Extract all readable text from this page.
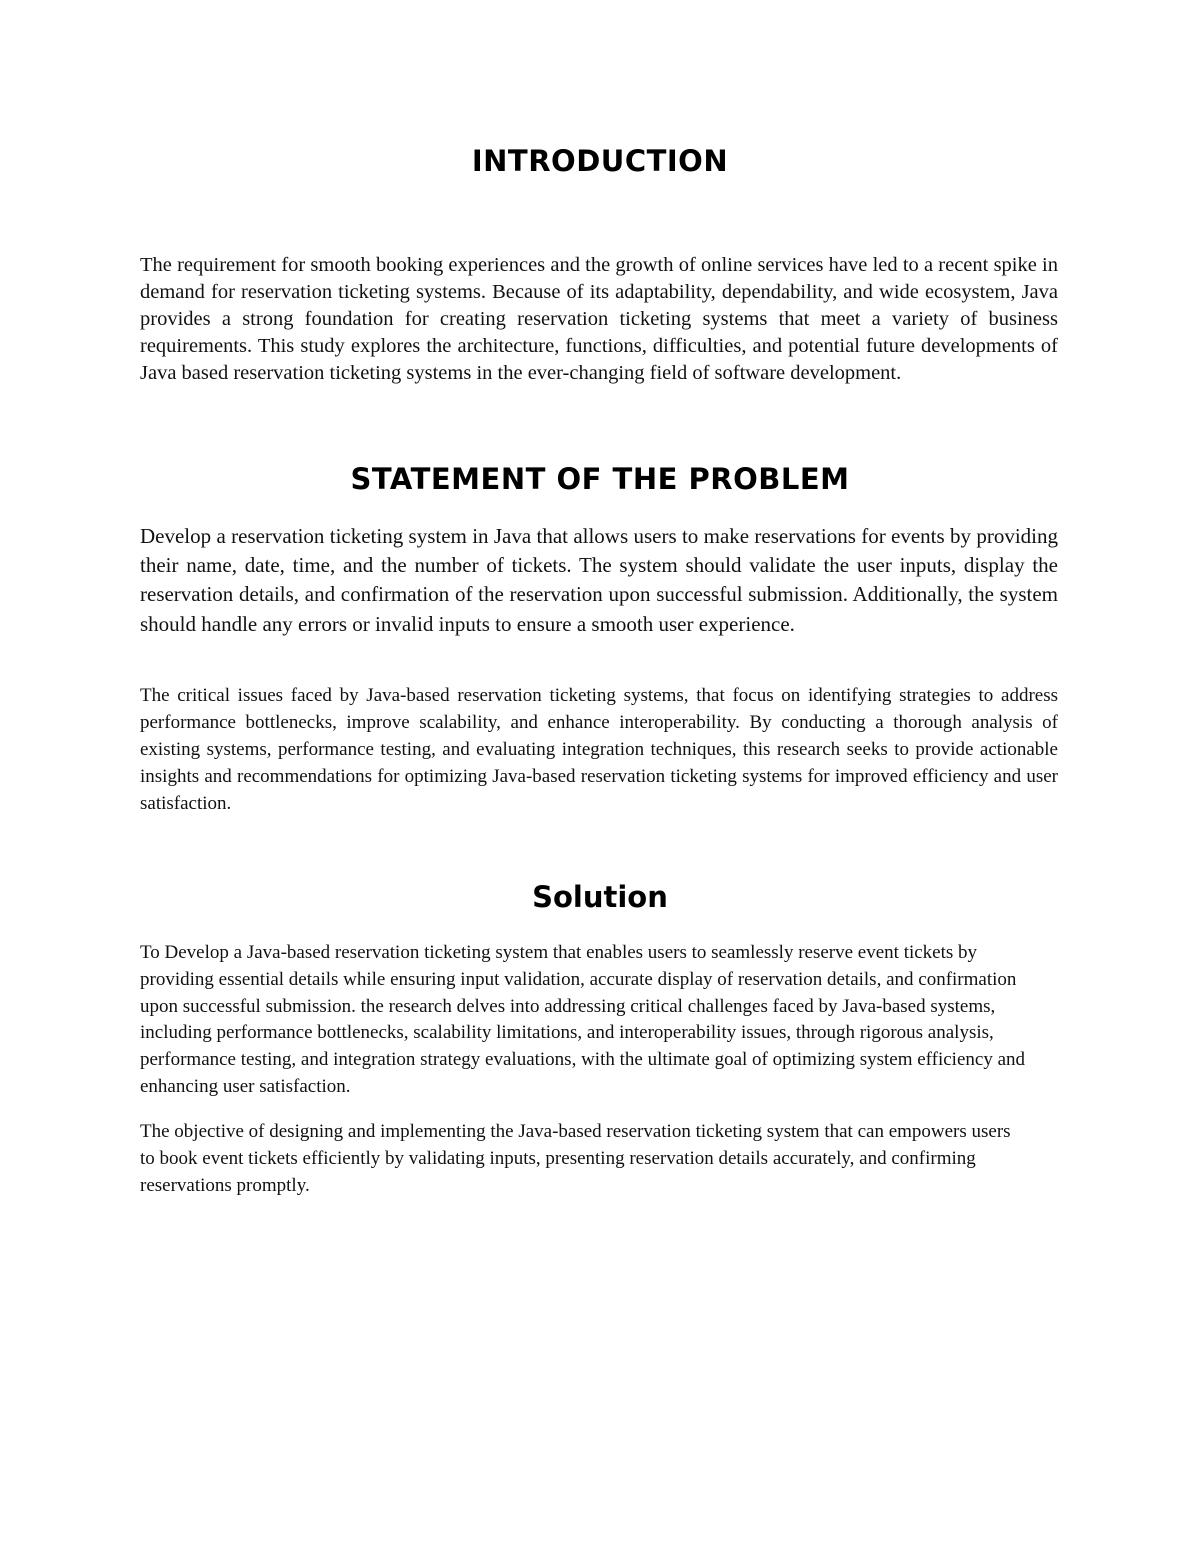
INTRODUCTION

The requirement for smooth booking experiences and the growth of online services have led to a recent spike in demand for reservation ticketing systems. Because of its adaptability, dependability, and wide ecosystem, Java provides a strong foundation for creating reservation ticketing systems that meet a variety of business requirements. This study explores the architecture, functions, difficulties, and potential future developments of Java based reservation ticketing systems in the ever-changing field of software development.

STATEMENT OF THE PROBLEM

Develop a reservation ticketing system in Java that allows users to make reservations for events by providing their name, date, time, and the number of tickets. The system should validate the user inputs, display the reservation details, and confirmation of the reservation upon successful submission. Additionally, the system should handle any errors or invalid inputs to ensure a smooth user experience.

The critical issues faced by Java-based reservation ticketing systems, that focus on identifying strategies to address performance bottlenecks, improve scalability, and enhance interoperability. By conducting a thorough analysis of existing systems, performance testing, and evaluating integration techniques, this research seeks to provide actionable insights and recommendations for optimizing Java-based reservation ticketing systems for improved efficiency and user satisfaction.

Solution

To Develop a Java-based reservation ticketing system that enables users to seamlessly reserve event tickets by providing essential details while ensuring input validation, accurate display of reservation details, and confirmation upon successful submission. the research delves into addressing critical challenges faced by Java-based systems, including performance bottlenecks, scalability limitations, and interoperability issues, through rigorous analysis, performance testing, and integration strategy evaluations, with the ultimate goal of optimizing system efficiency and enhancing user satisfaction.

The objective of designing and implementing the Java-based reservation ticketing system that can empowers users to book event tickets efficiently by validating inputs, presenting reservation details accurately, and confirming reservations promptly.
